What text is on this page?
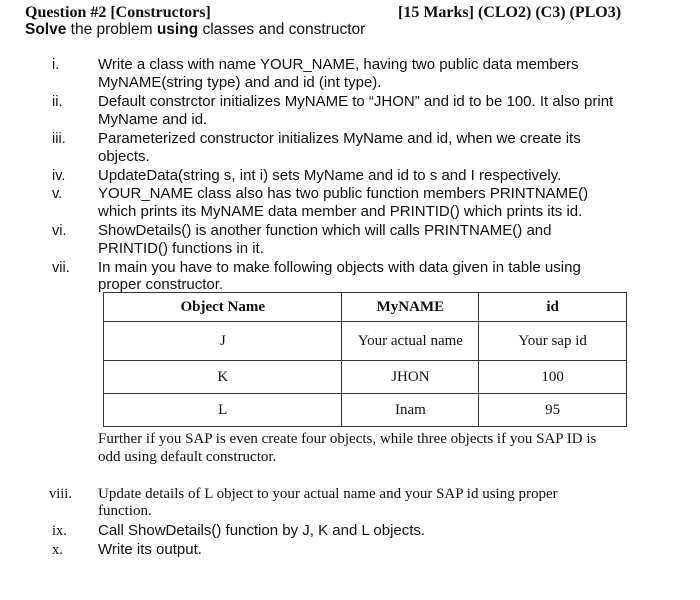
Question #2 [Constructors]	[15 Marks] (CLO2) (C3) (PLO3)
Solve the problem using classes and constructor
i.	Write a class with name YOUR_NAME, having two public data members
MyNAME(string type) and and id (int type).
ii. Default constrctor initializes MyNAME to “JHON” and id to be 100. It also print
MyName and id.
iii. Parameterized constructor initializes MyName and id, when we create its
objects.
iv. UpdateData(string s, int i) sets MyName and id to s and I respectively.
v. YOUR_NAME class also has two public function members PRINTNAME()
which prints its MyNAME data member and PRINTID() which prints its id.
vi. ShowDetails() is another function which will calls PRINTNAME() and
PRINTID() functions in it.
vii. In main you have to make following objects with data given in table using
proper constructor.
Object Name	MyNAME	id
J	Your actual name	Your sap id
K	JHON	100
L	Inam	95
Further if you SAP is even create four objects, while three objects if you SAP ID is
odd using default constructor.
viii. Update details of L object to your actual name and your SAP id using proper
function.
ix. Call ShowDetails() function by J, K and L objects.
x. Write its output.
